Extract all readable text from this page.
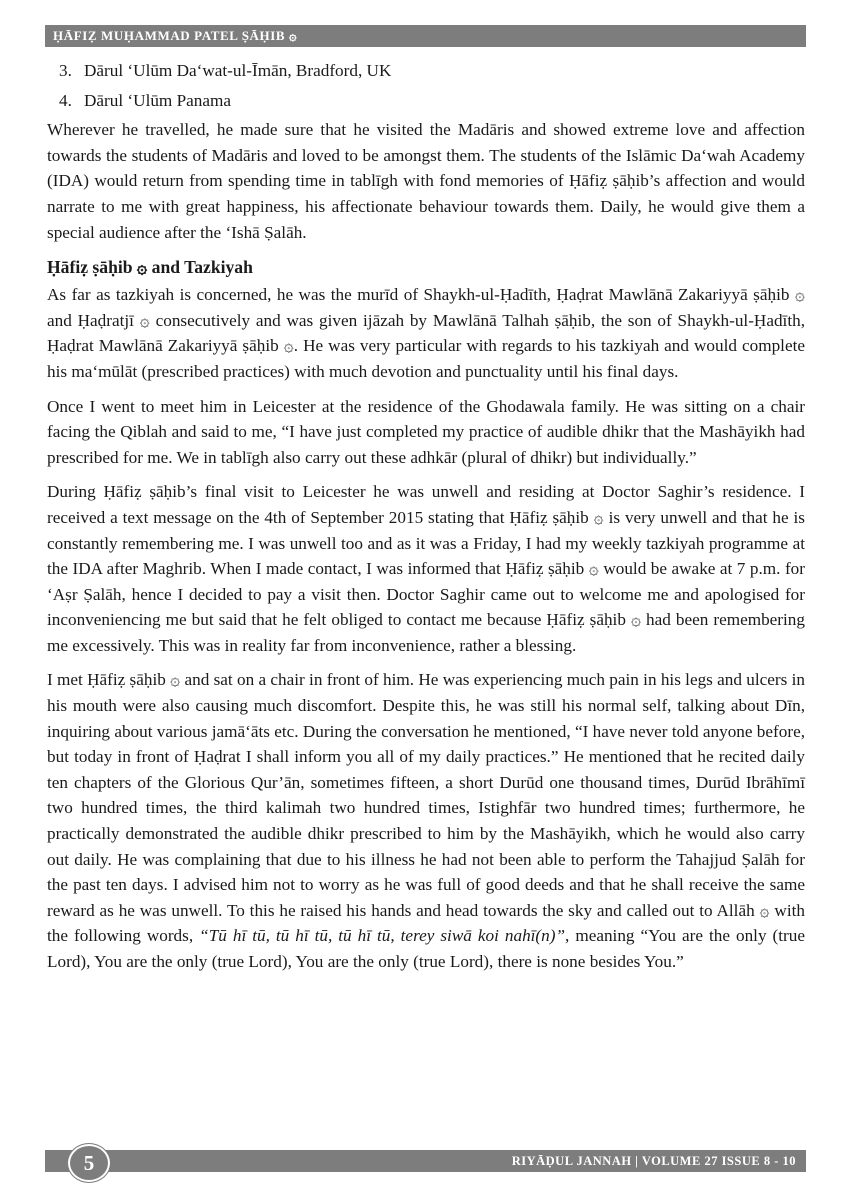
ḤĀFIẒ MUḤAMMAD PATEL ṢĀḤIB ۞
3. Dārul ‘Ulūm Da‘wat-ul-Īmān, Bradford, UK
4. Dārul ‘Ulūm Panama

Wherever he travelled, he made sure that he visited the Madāris and showed extreme love and affection towards the students of Madāris and loved to be amongst them. The students of the Islāmic Da‘wah Academy (IDA) would return from spending time in tablīgh with fond memories of Ḥāfiẓ ṣāḥib’s affection and would narrate to me with great happiness, his affectionate behaviour towards them. Daily, he would give them a special audience after the ‘Ishā Ṣalāh.

Ḥāfiẓ ṣāḥib ۞ and Tazkiyah

As far as tazkiyah is concerned, he was the murīd of Shaykh-ul-Ḥadīth, Ḥaḍrat Mawlānā Zakariyyā ṣāḥib ۞ and Ḥaḍratjī ۞ consecutively and was given ijāzah by Mawlānā Talhah ṣāḥib, the son of Shaykh-ul-Ḥadīth, Ḥaḍrat Mawlānā Zakariyyā ṣāḥib ۞. He was very particular with regards to his tazkiyah and would complete his ma‘mūlāt (prescribed practices) with much devotion and punctuality until his final days.

Once I went to meet him in Leicester at the residence of the Ghodawala family. He was sitting on a chair facing the Qiblah and said to me, “I have just completed my practice of audible dhikr that the Mashāyikh had prescribed for me. We in tablīgh also carry out these adhkār (plural of dhikr) but individually.”

During Ḥāfiẓ ṣāḥib’s final visit to Leicester he was unwell and residing at Doctor Saghir’s residence. I received a text message on the 4th of September 2015 stating that Ḥāfiẓ ṣāḥib ۞ is very unwell and that he is constantly remembering me. I was unwell too and as it was a Friday, I had my weekly tazkiyah programme at the IDA after Maghrib. When I made contact, I was informed that Ḥāfiẓ ṣāḥib ۞ would be awake at 7 p.m. for ‘Aṣr Ṣalāh, hence I decided to pay a visit then. Doctor Saghir came out to welcome me and apologised for inconveniencing me but said that he felt obliged to contact me because Ḥāfiẓ ṣāḥib ۞ had been remembering me excessively. This was in reality far from inconvenience, rather a blessing.

I met Ḥāfiẓ ṣāḥib ۞ and sat on a chair in front of him. He was experiencing much pain in his legs and ulcers in his mouth were also causing much discomfort. Despite this, he was still his normal self, talking about Dīn, inquiring about various jamā‘āts etc. During the conversation he mentioned, “I have never told anyone before, but today in front of Ḥaḍrat I shall inform you all of my daily practices.” He mentioned that he recited daily ten chapters of the Glorious Qur’ān, sometimes fifteen, a short Durūd one thousand times, Durūd Ibrāhīmī two hundred times, the third kalimah two hundred times, Istighfār two hundred times; furthermore, he practically demonstrated the audible dhikr prescribed to him by the Mashāyikh, which he would also carry out daily. He was complaining that due to his illness he had not been able to perform the Tahajjud Ṣalāh for the past ten days. I advised him not to worry as he was full of good deeds and that he shall receive the same reward as he was unwell. To this he raised his hands and head towards the sky and called out to Allāh ۞ with the following words, “Tū hī tū, tū hī tū, tū hī tū, terey siwā koi nahī(n)”, meaning “You are the only (true Lord), You are the only (true Lord), You are the only (true Lord), there is none besides You.”

RIYĀḌUL JANNAH | VOLUME 27 ISSUE 8 - 10
5
